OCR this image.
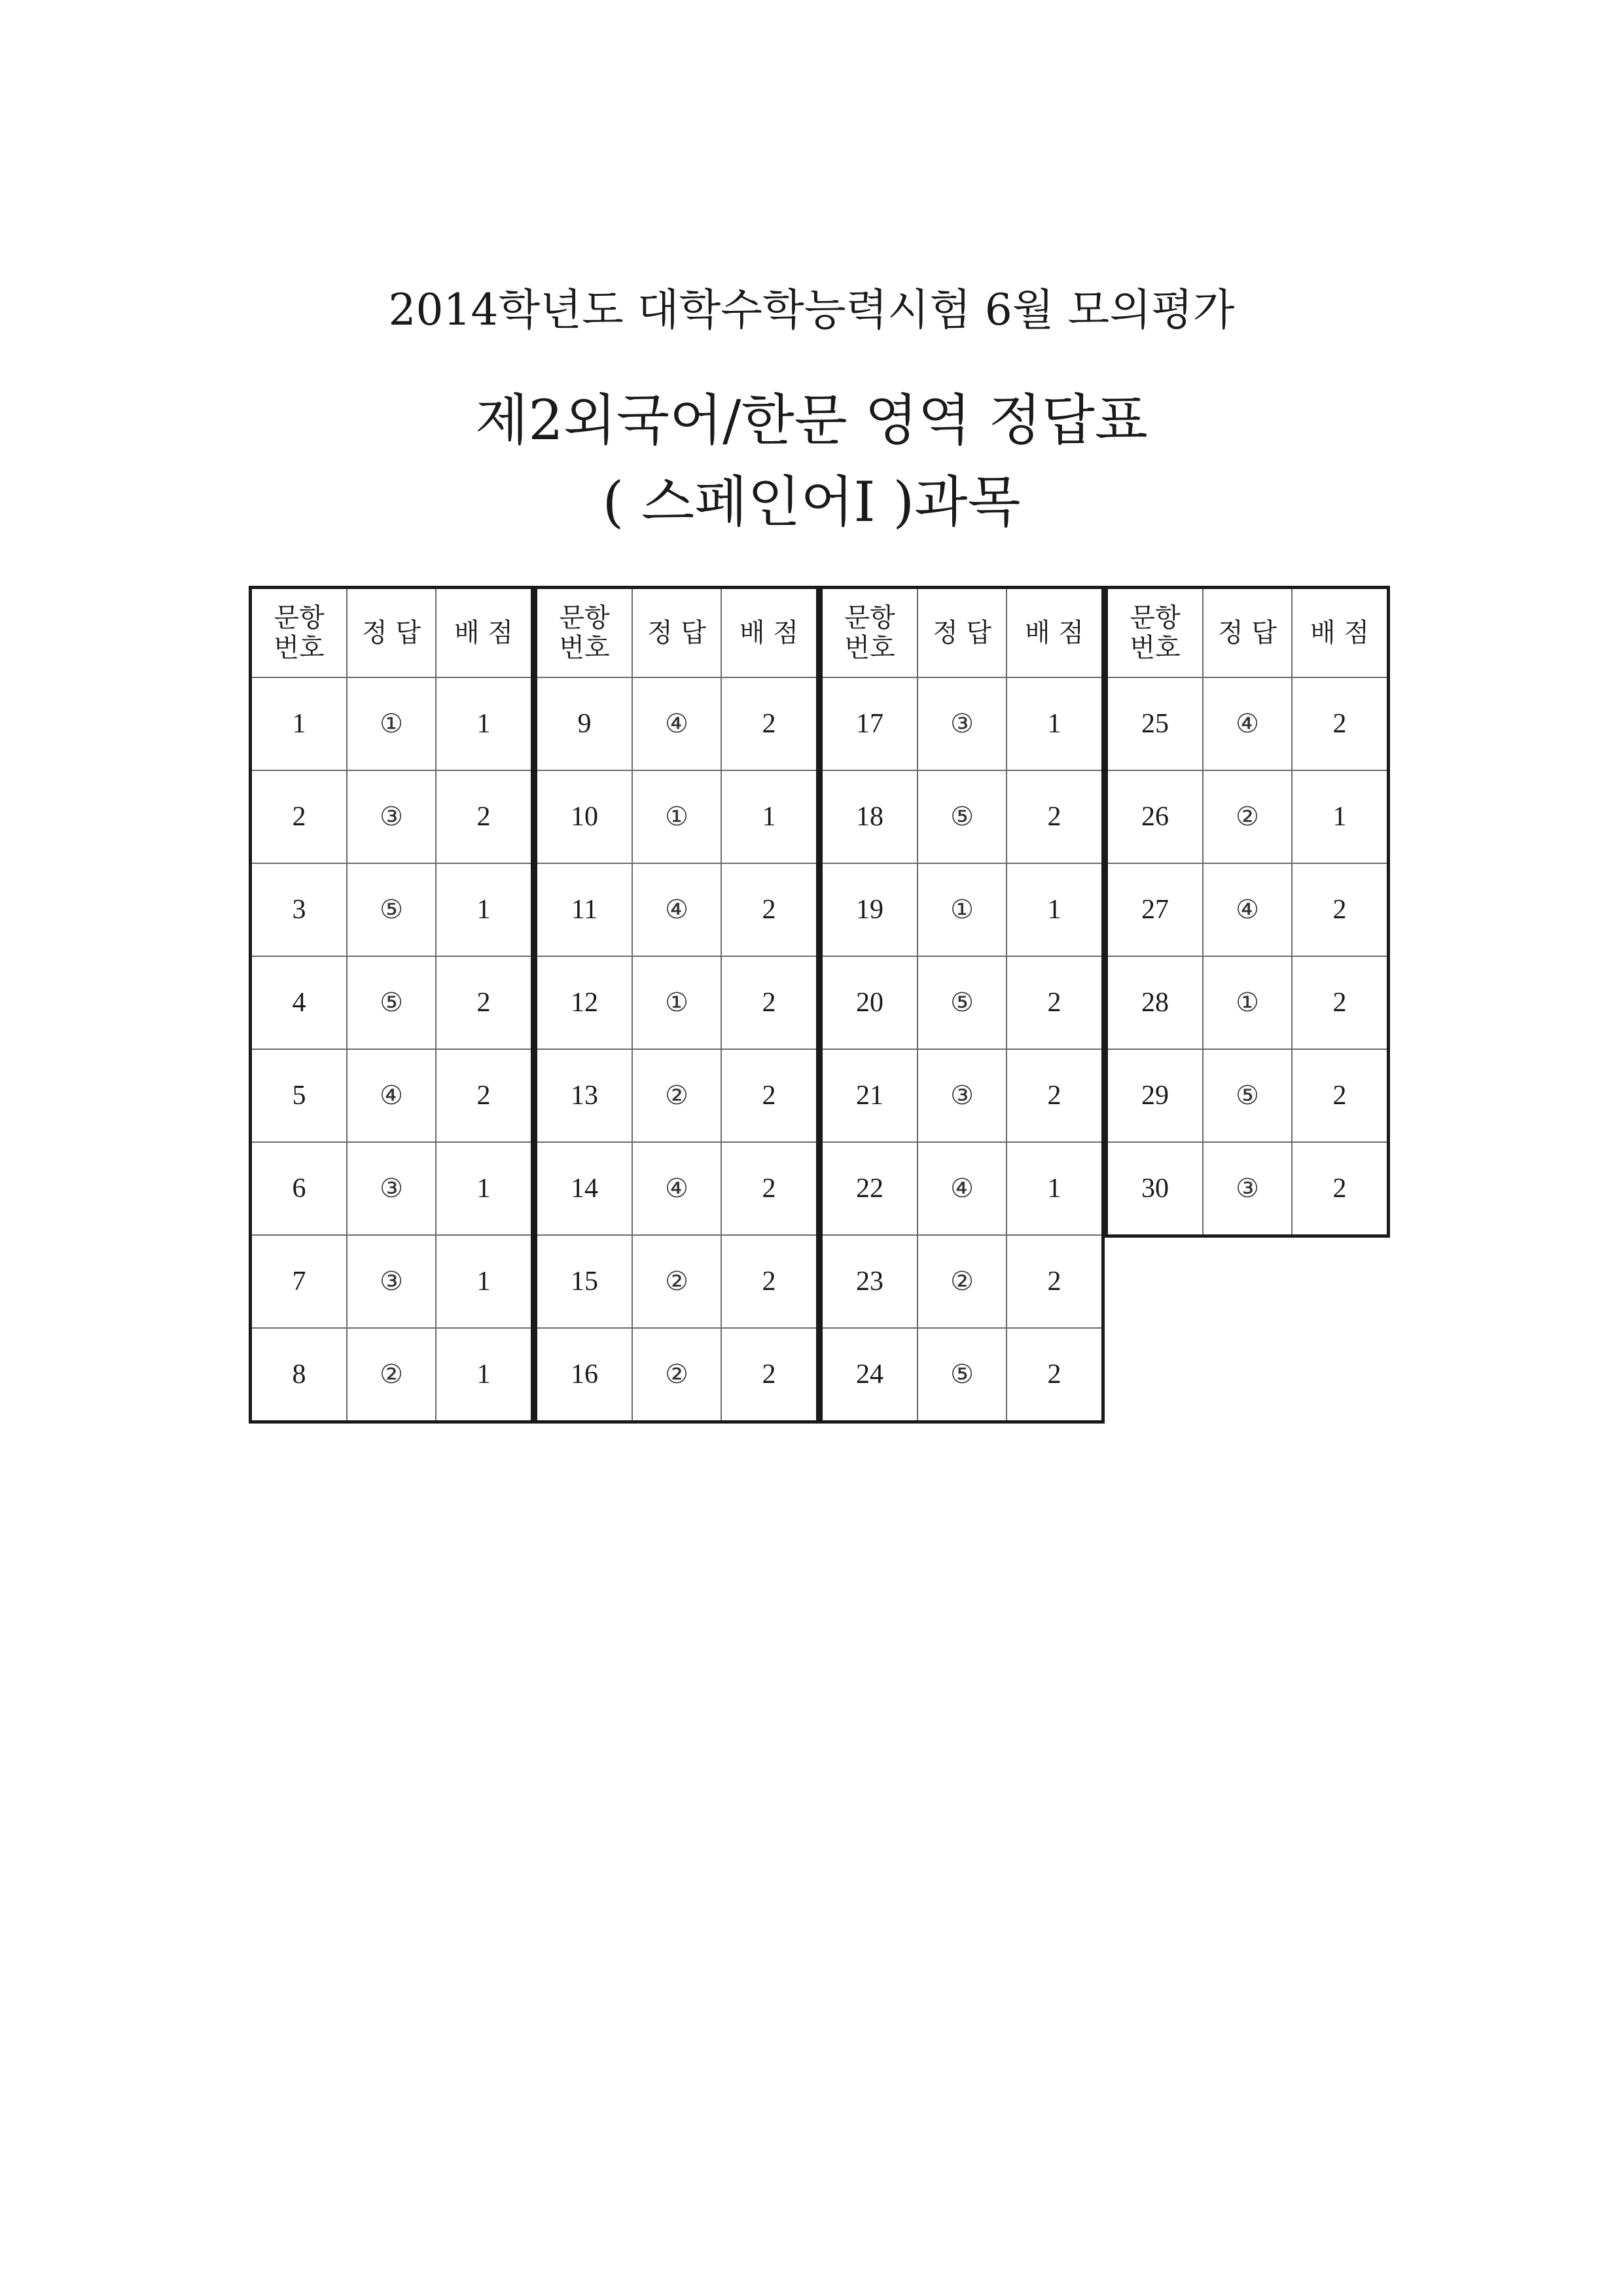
2014학년도 대학수학능력시험 6월 모의평가
제2외국어/한문 영역 정답표
( 스페인어Ⅰ )과목
문항
번호	정 답	배 점
1	①	1
2	③	2
3	⑤	1
4	⑤	2
5	④	2
6	③	1
7	③	1
8	②	1
문항
번호	정 답	배 점
9	④	2
10	①	1
11	④	2
12	①	2
13	②	2
14	④	2
15	②	2
16	②	2
문항
번호	정 답	배 점
17	③	1
18	⑤	2
19	①	1
20	⑤	2
21	③	2
22	④	1
23	②	2
24	⑤	2
문항
번호	정 답	배 점
25	④	2
26	②	1
27	④	2
28	①	2
29	⑤	2
30	③	2
